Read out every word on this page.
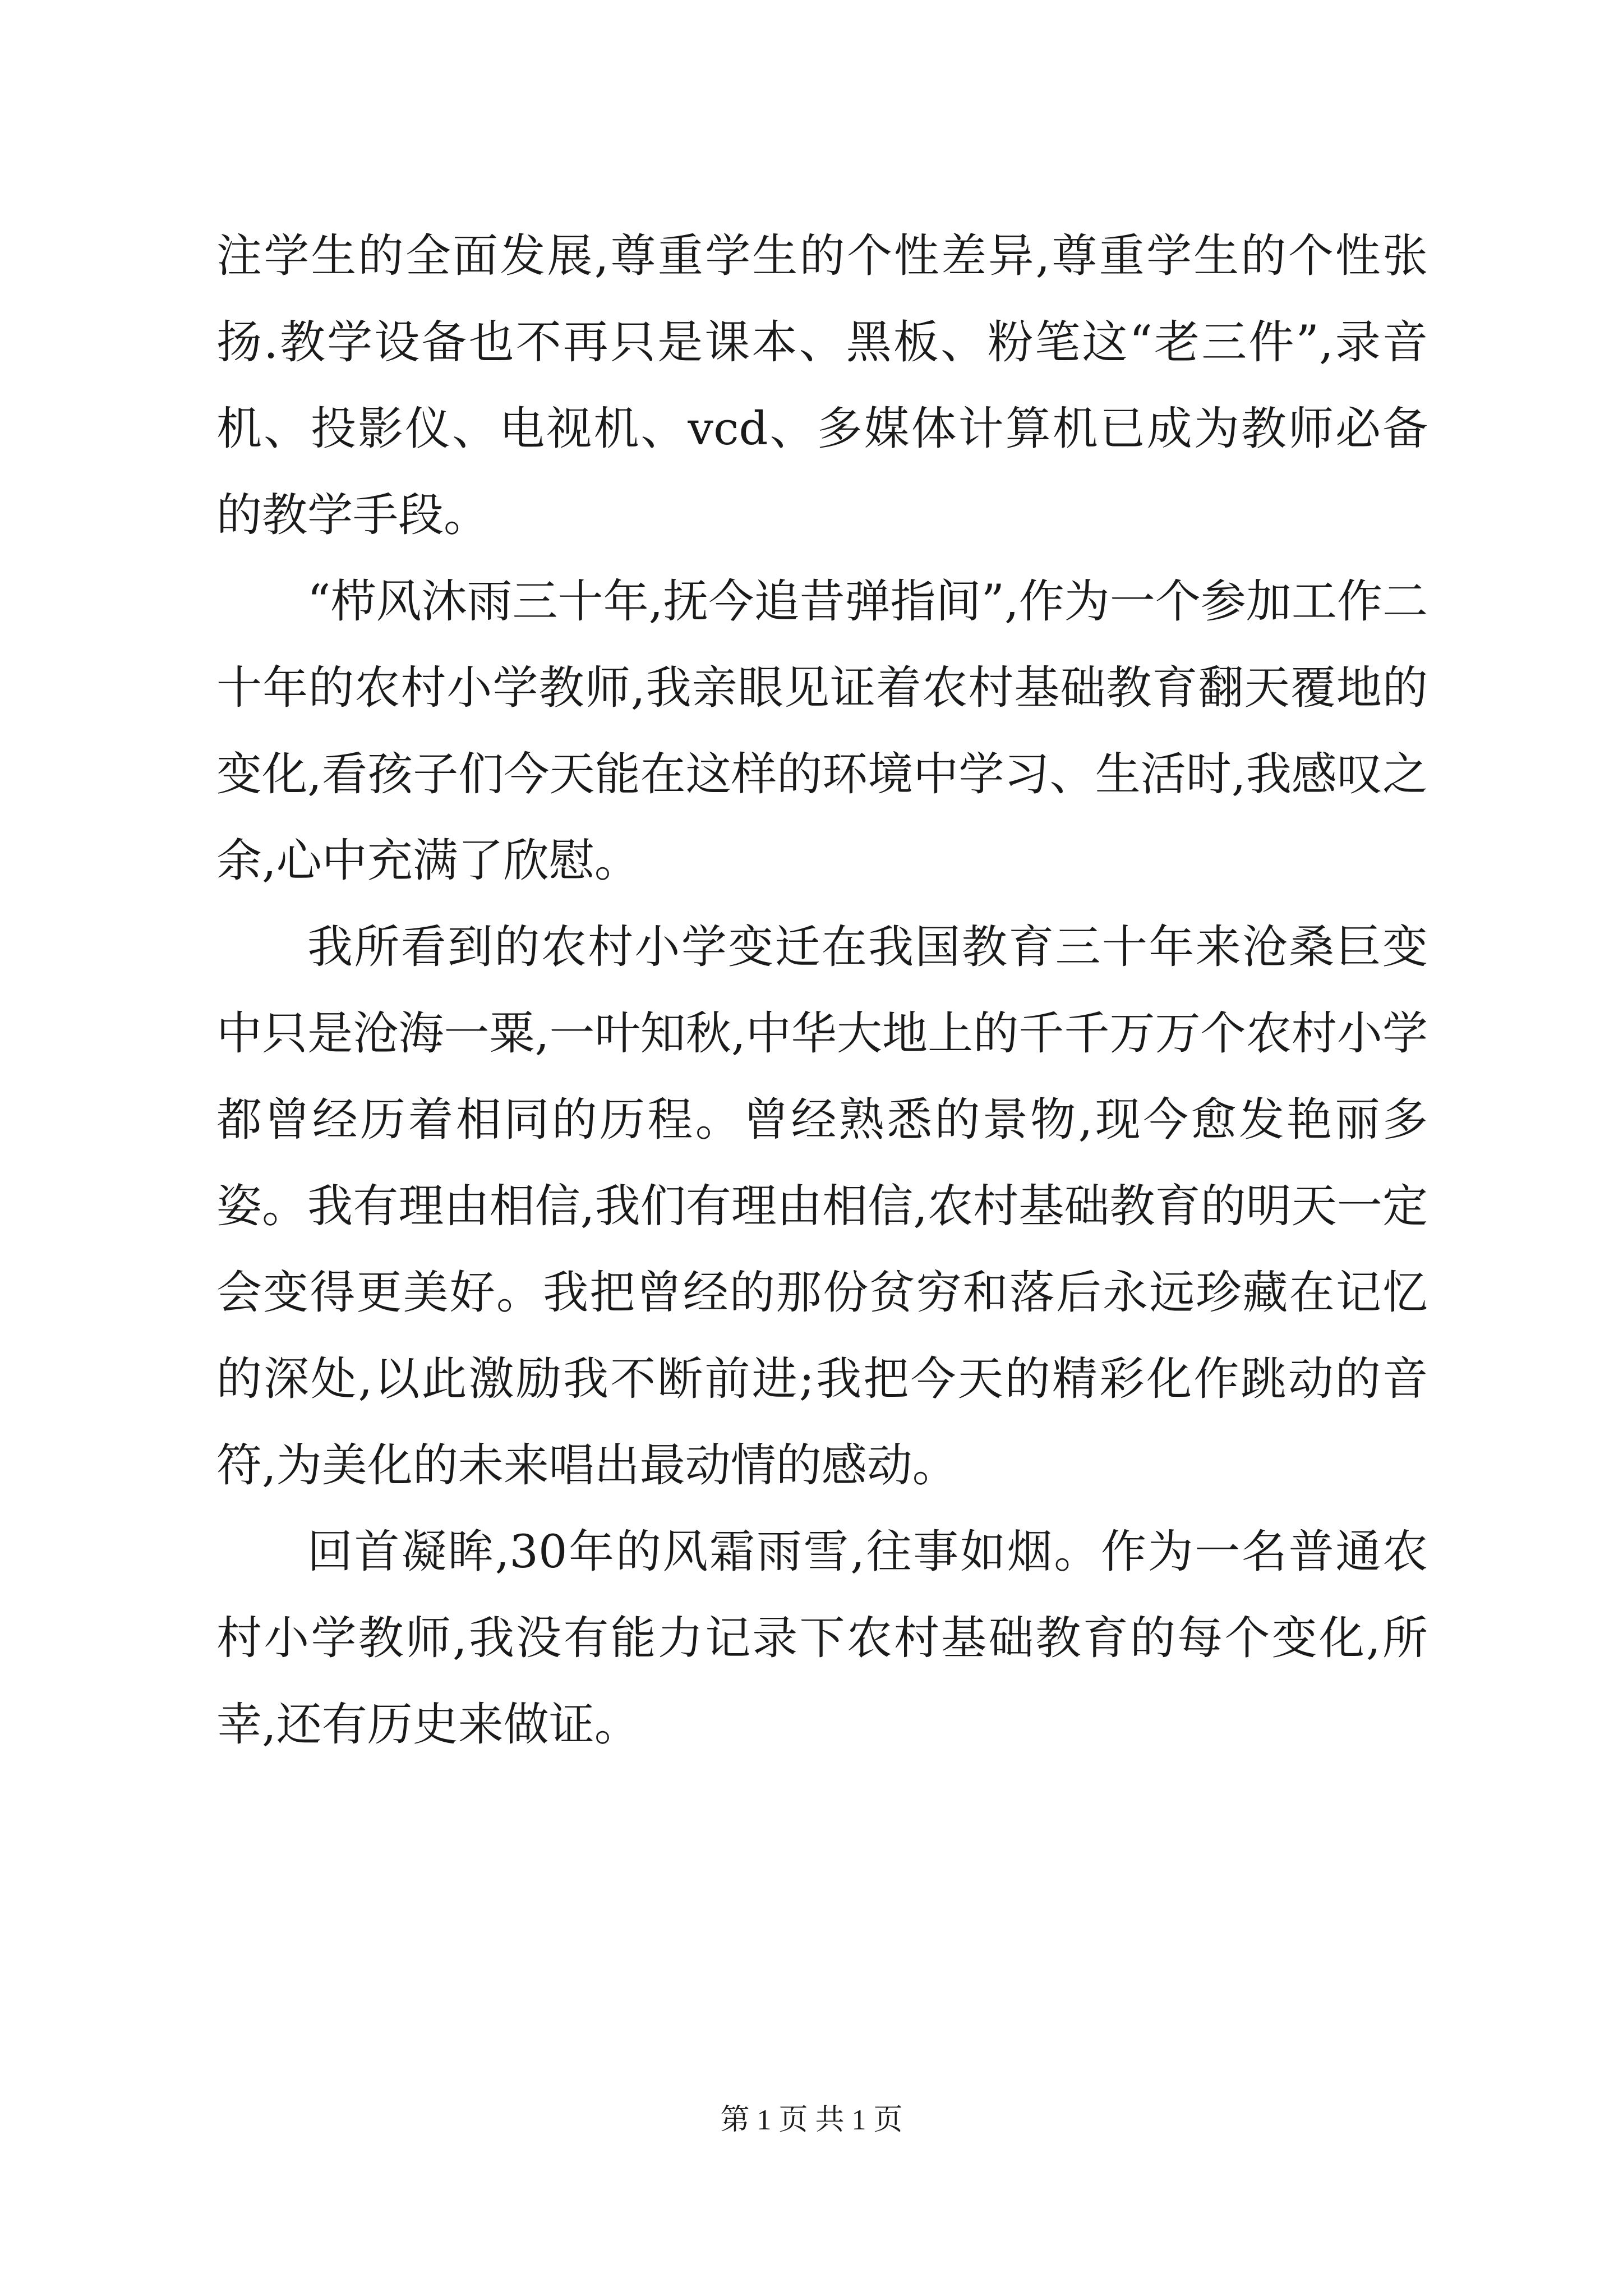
注学生的全面发展,尊重学生的个性差异,尊重学生的个性张扬.教学设备也不再只是课本、黑板、粉笔这“老三件”,录音机、投影仪、电视机、vcd、多媒体计算机已成为教师必备的教学手段。

“栉风沐雨三十年,抚今追昔弹指间”,作为一个参加工作二十年的农村小学教师,我亲眼见证着农村基础教育翻天覆地的变化,看孩子们今天能在这样的环境中学习、生活时,我感叹之余,心中充满了欣慰。

我所看到的农村小学变迁在我国教育三十年来沧桑巨变中只是沧海一粟,一叶知秋,中华大地上的千千万万个农村小学都曾经历着相同的历程。曾经熟悉的景物,现今愈发艳丽多姿。我有理由相信,我们有理由相信,农村基础教育的明天一定会变得更美好。我把曾经的那份贫穷和落后永远珍藏在记忆的深处,以此激励我不断前进;我把今天的精彩化作跳动的音符,为美化的未来唱出最动情的感动。

回首凝眸,30年的风霜雨雪,往事如烟。作为一名普通农村小学教师,我没有能力记录下农村基础教育的每个变化,所幸,还有历史来做证。

第 1 页 共 1 页
